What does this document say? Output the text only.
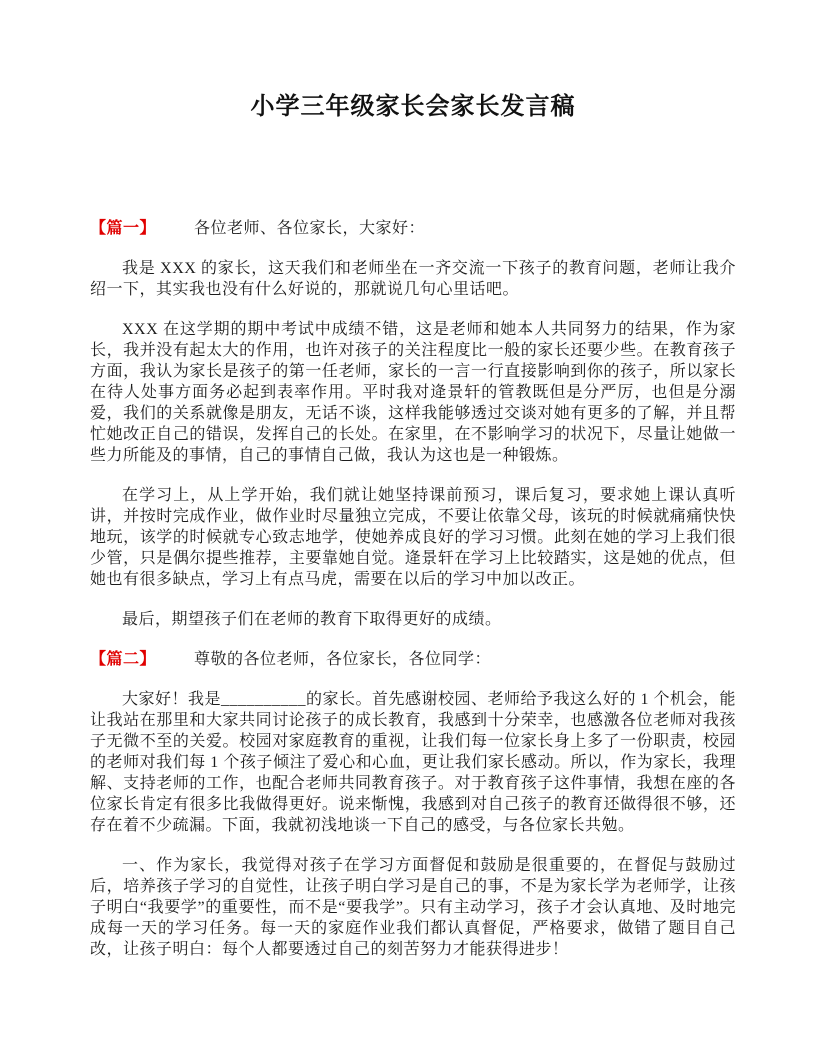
小学三年级家长会家长发言稿

【篇一】 各位老师、各位家长，大家好：

我是 XXX 的家长，这天我们和老师坐在一齐交流一下孩子的教育问题，老师让我介绍一下，其实我也没有什么好说的，那就说几句心里话吧。

XXX 在这学期的期中考试中成绩不错，这是老师和她本人共同努力的结果，作为家长，我并没有起太大的作用，也许对孩子的关注程度比一般的家长还要少些。在教育孩子方面，我认为家长是孩子的第一任老师，家长的一言一行直接影响到你的孩子，所以家长在待人处事方面务必起到表率作用。平时我对逄景轩的管教既但是分严厉，也但是分溺爱，我们的关系就像是朋友，无话不谈，这样我能够透过交谈对她有更多的了解，并且帮忙她改正自己的错误，发挥自己的长处。在家里，在不影响学习的状况下，尽量让她做一些力所能及的事情，自己的事情自己做，我认为这也是一种锻炼。

在学习上，从上学开始，我们就让她坚持课前预习，课后复习，要求她上课认真听讲，并按时完成作业，做作业时尽量独立完成，不要让依靠父母，该玩的时候就痛痛快快地玩，该学的时候就专心致志地学，使她养成良好的学习习惯。此刻在她的学习上我们很少管，只是偶尔提些推荐，主要靠她自觉。逄景轩在学习上比较踏实，这是她的优点，但她也有很多缺点，学习上有点马虎，需要在以后的学习中加以改正。

最后，期望孩子们在老师的教育下取得更好的成绩。

【篇二】 尊敬的各位老师，各位家长，各位同学：

大家好！我是__________的家长。首先感谢校园、老师给予我这么好的 1 个机会，能让我站在那里和大家共同讨论孩子的成长教育，我感到十分荣幸，也感激各位老师对我孩子无微不至的关爱。校园对家庭教育的重视，让我们每一位家长身上多了一份职责，校园的老师对我们每 1 个孩子倾注了爱心和心血，更让我们家长感动。所以，作为家长，我理解、支持老师的工作，也配合老师共同教育孩子。对于教育孩子这件事情，我想在座的各位家长肯定有很多比我做得更好。说来惭愧，我感到对自己孩子的教育还做得很不够，还存在着不少疏漏。下面，我就初浅地谈一下自己的感受，与各位家长共勉。

一、作为家长，我觉得对孩子在学习方面督促和鼓励是很重要的，在督促与鼓励过后，培养孩子学习的自觉性，让孩子明白学习是自己的事，不是为家长学为老师学，让孩子明白“我要学”的重要性，而不是“要我学”。只有主动学习，孩子才会认真地、及时地完成每一天的学习任务。每一天的家庭作业我们都认真督促，严格要求，做错了题目自己改，让孩子明白：每个人都要透过自己的刻苦努力才能获得进步！
